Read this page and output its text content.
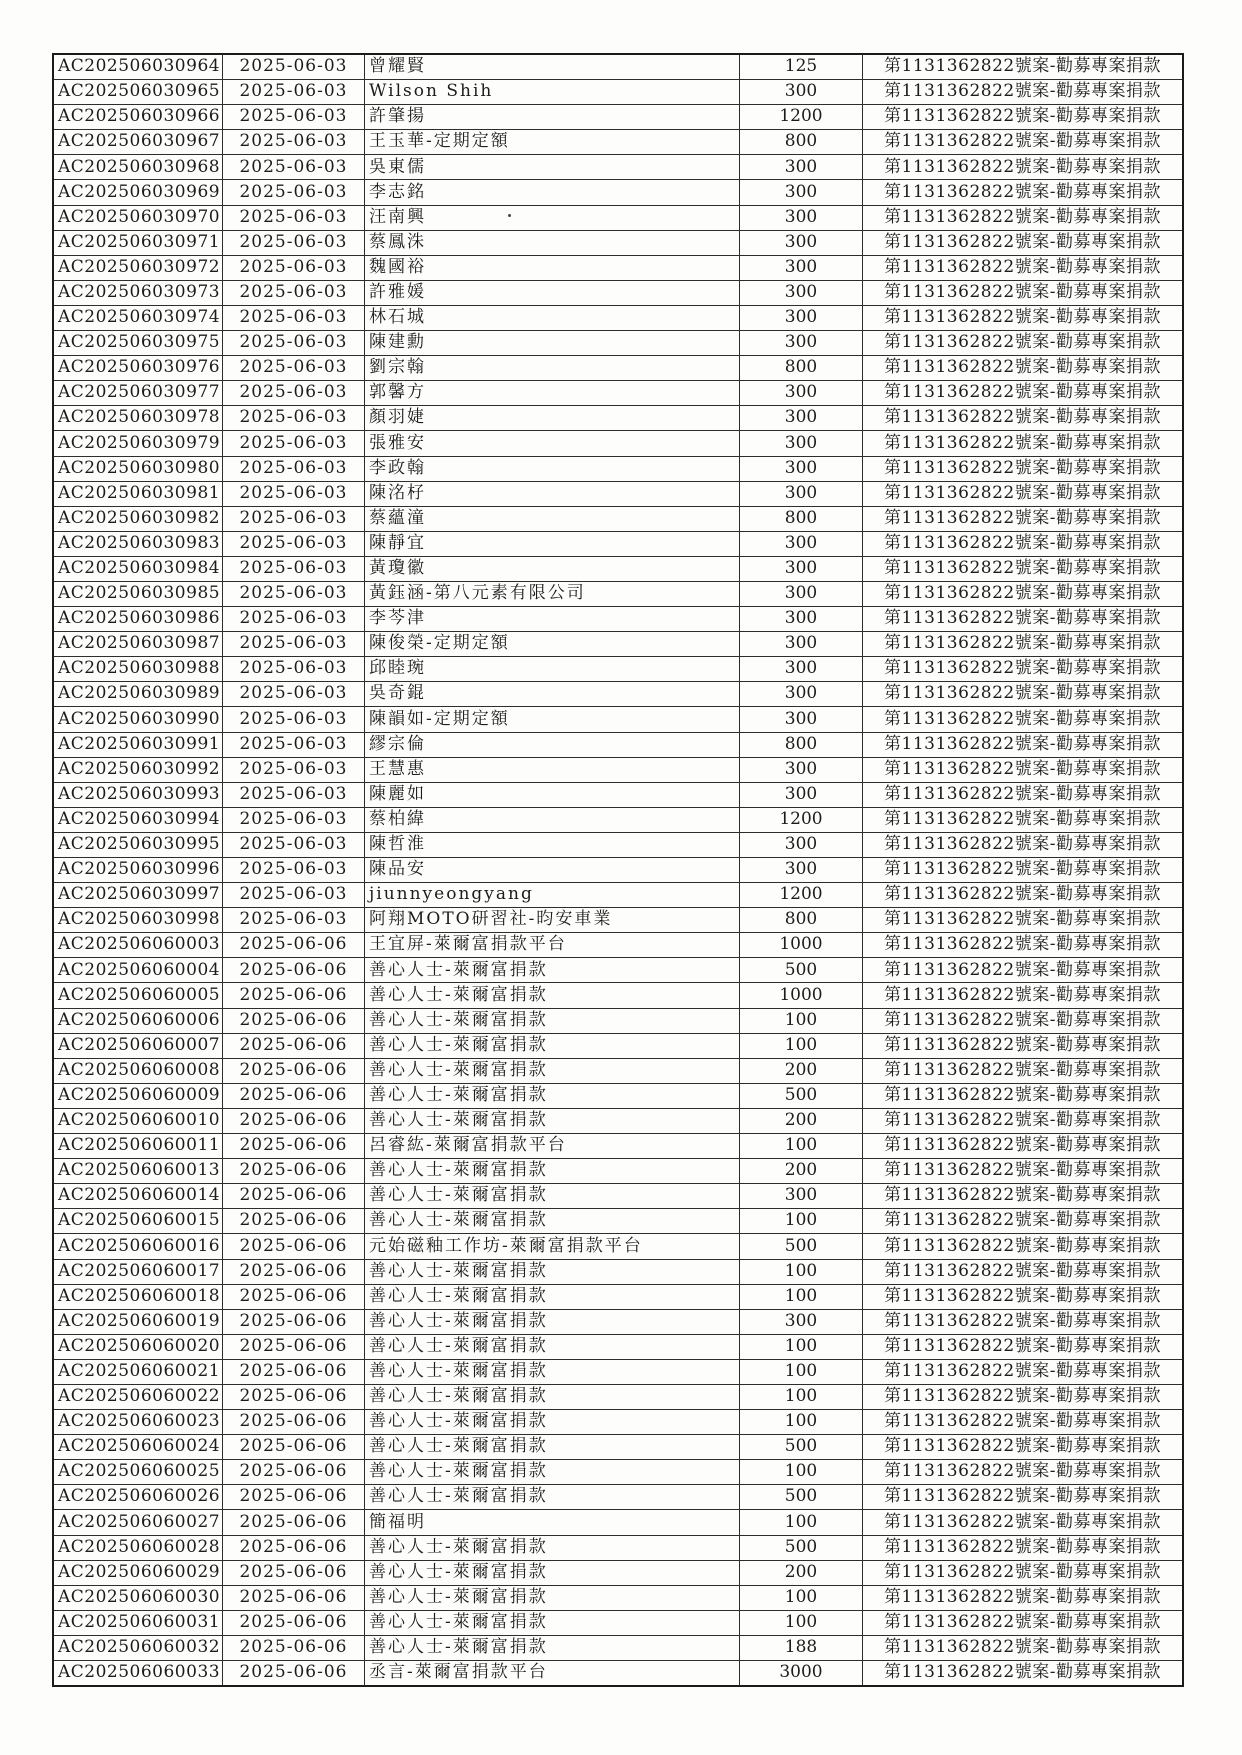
AC202506030964	2025-06-03	曾耀賢	125	第1131362822號案-勸募專案捐款
AC202506030965	2025-06-03	Wilson Shih	300	第1131362822號案-勸募專案捐款
AC202506030966	2025-06-03	許肇揚	1200	第1131362822號案-勸募專案捐款
AC202506030967	2025-06-03	王玉華-定期定額	800	第1131362822號案-勸募專案捐款
AC202506030968	2025-06-03	吳東儒	300	第1131362822號案-勸募專案捐款
AC202506030969	2025-06-03	李志銘	300	第1131362822號案-勸募專案捐款
AC202506030970	2025-06-03	汪南興	300	第1131362822號案-勸募專案捐款
AC202506030971	2025-06-03	蔡鳳洙	300	第1131362822號案-勸募專案捐款
AC202506030972	2025-06-03	魏國裕	300	第1131362822號案-勸募專案捐款
AC202506030973	2025-06-03	許雅媛	300	第1131362822號案-勸募專案捐款
AC202506030974	2025-06-03	林石城	300	第1131362822號案-勸募專案捐款
AC202506030975	2025-06-03	陳建勳	300	第1131362822號案-勸募專案捐款
AC202506030976	2025-06-03	劉宗翰	800	第1131362822號案-勸募專案捐款
AC202506030977	2025-06-03	郭馨方	300	第1131362822號案-勸募專案捐款
AC202506030978	2025-06-03	顏羽婕	300	第1131362822號案-勸募專案捐款
AC202506030979	2025-06-03	張雅安	300	第1131362822號案-勸募專案捐款
AC202506030980	2025-06-03	李政翰	300	第1131362822號案-勸募專案捐款
AC202506030981	2025-06-03	陳洺杍	300	第1131362822號案-勸募專案捐款
AC202506030982	2025-06-03	蔡蘊潼	800	第1131362822號案-勸募專案捐款
AC202506030983	2025-06-03	陳靜宜	300	第1131362822號案-勸募專案捐款
AC202506030984	2025-06-03	黃瓊徽	300	第1131362822號案-勸募專案捐款
AC202506030985	2025-06-03	黃鈺涵-第八元素有限公司	300	第1131362822號案-勸募專案捐款
AC202506030986	2025-06-03	李芩津	300	第1131362822號案-勸募專案捐款
AC202506030987	2025-06-03	陳俊榮-定期定額	300	第1131362822號案-勸募專案捐款
AC202506030988	2025-06-03	邱睦琬	300	第1131362822號案-勸募專案捐款
AC202506030989	2025-06-03	吳奇錕	300	第1131362822號案-勸募專案捐款
AC202506030990	2025-06-03	陳韻如-定期定額	300	第1131362822號案-勸募專案捐款
AC202506030991	2025-06-03	繆宗倫	800	第1131362822號案-勸募專案捐款
AC202506030992	2025-06-03	王慧惠	300	第1131362822號案-勸募專案捐款
AC202506030993	2025-06-03	陳麗如	300	第1131362822號案-勸募專案捐款
AC202506030994	2025-06-03	蔡柏緯	1200	第1131362822號案-勸募專案捐款
AC202506030995	2025-06-03	陳哲淮	300	第1131362822號案-勸募專案捐款
AC202506030996	2025-06-03	陳品安	300	第1131362822號案-勸募專案捐款
AC202506030997	2025-06-03	jiunnyeongyang	1200	第1131362822號案-勸募專案捐款
AC202506030998	2025-06-03	阿翔MOTO研習社-昀安車業	800	第1131362822號案-勸募專案捐款
AC202506060003	2025-06-06	王宜屏-萊爾富捐款平台	1000	第1131362822號案-勸募專案捐款
AC202506060004	2025-06-06	善心人士-萊爾富捐款	500	第1131362822號案-勸募專案捐款
AC202506060005	2025-06-06	善心人士-萊爾富捐款	1000	第1131362822號案-勸募專案捐款
AC202506060006	2025-06-06	善心人士-萊爾富捐款	100	第1131362822號案-勸募專案捐款
AC202506060007	2025-06-06	善心人士-萊爾富捐款	100	第1131362822號案-勸募專案捐款
AC202506060008	2025-06-06	善心人士-萊爾富捐款	200	第1131362822號案-勸募專案捐款
AC202506060009	2025-06-06	善心人士-萊爾富捐款	500	第1131362822號案-勸募專案捐款
AC202506060010	2025-06-06	善心人士-萊爾富捐款	200	第1131362822號案-勸募專案捐款
AC202506060011	2025-06-06	呂睿紘-萊爾富捐款平台	100	第1131362822號案-勸募專案捐款
AC202506060013	2025-06-06	善心人士-萊爾富捐款	200	第1131362822號案-勸募專案捐款
AC202506060014	2025-06-06	善心人士-萊爾富捐款	300	第1131362822號案-勸募專案捐款
AC202506060015	2025-06-06	善心人士-萊爾富捐款	100	第1131362822號案-勸募專案捐款
AC202506060016	2025-06-06	元始磁釉工作坊-萊爾富捐款平台	500	第1131362822號案-勸募專案捐款
AC202506060017	2025-06-06	善心人士-萊爾富捐款	100	第1131362822號案-勸募專案捐款
AC202506060018	2025-06-06	善心人士-萊爾富捐款	100	第1131362822號案-勸募專案捐款
AC202506060019	2025-06-06	善心人士-萊爾富捐款	300	第1131362822號案-勸募專案捐款
AC202506060020	2025-06-06	善心人士-萊爾富捐款	100	第1131362822號案-勸募專案捐款
AC202506060021	2025-06-06	善心人士-萊爾富捐款	100	第1131362822號案-勸募專案捐款
AC202506060022	2025-06-06	善心人士-萊爾富捐款	100	第1131362822號案-勸募專案捐款
AC202506060023	2025-06-06	善心人士-萊爾富捐款	100	第1131362822號案-勸募專案捐款
AC202506060024	2025-06-06	善心人士-萊爾富捐款	500	第1131362822號案-勸募專案捐款
AC202506060025	2025-06-06	善心人士-萊爾富捐款	100	第1131362822號案-勸募專案捐款
AC202506060026	2025-06-06	善心人士-萊爾富捐款	500	第1131362822號案-勸募專案捐款
AC202506060027	2025-06-06	簡福明	100	第1131362822號案-勸募專案捐款
AC202506060028	2025-06-06	善心人士-萊爾富捐款	500	第1131362822號案-勸募專案捐款
AC202506060029	2025-06-06	善心人士-萊爾富捐款	200	第1131362822號案-勸募專案捐款
AC202506060030	2025-06-06	善心人士-萊爾富捐款	100	第1131362822號案-勸募專案捐款
AC202506060031	2025-06-06	善心人士-萊爾富捐款	100	第1131362822號案-勸募專案捐款
AC202506060032	2025-06-06	善心人士-萊爾富捐款	188	第1131362822號案-勸募專案捐款
AC202506060033	2025-06-06	丞言-萊爾富捐款平台	3000	第1131362822號案-勸募專案捐款
